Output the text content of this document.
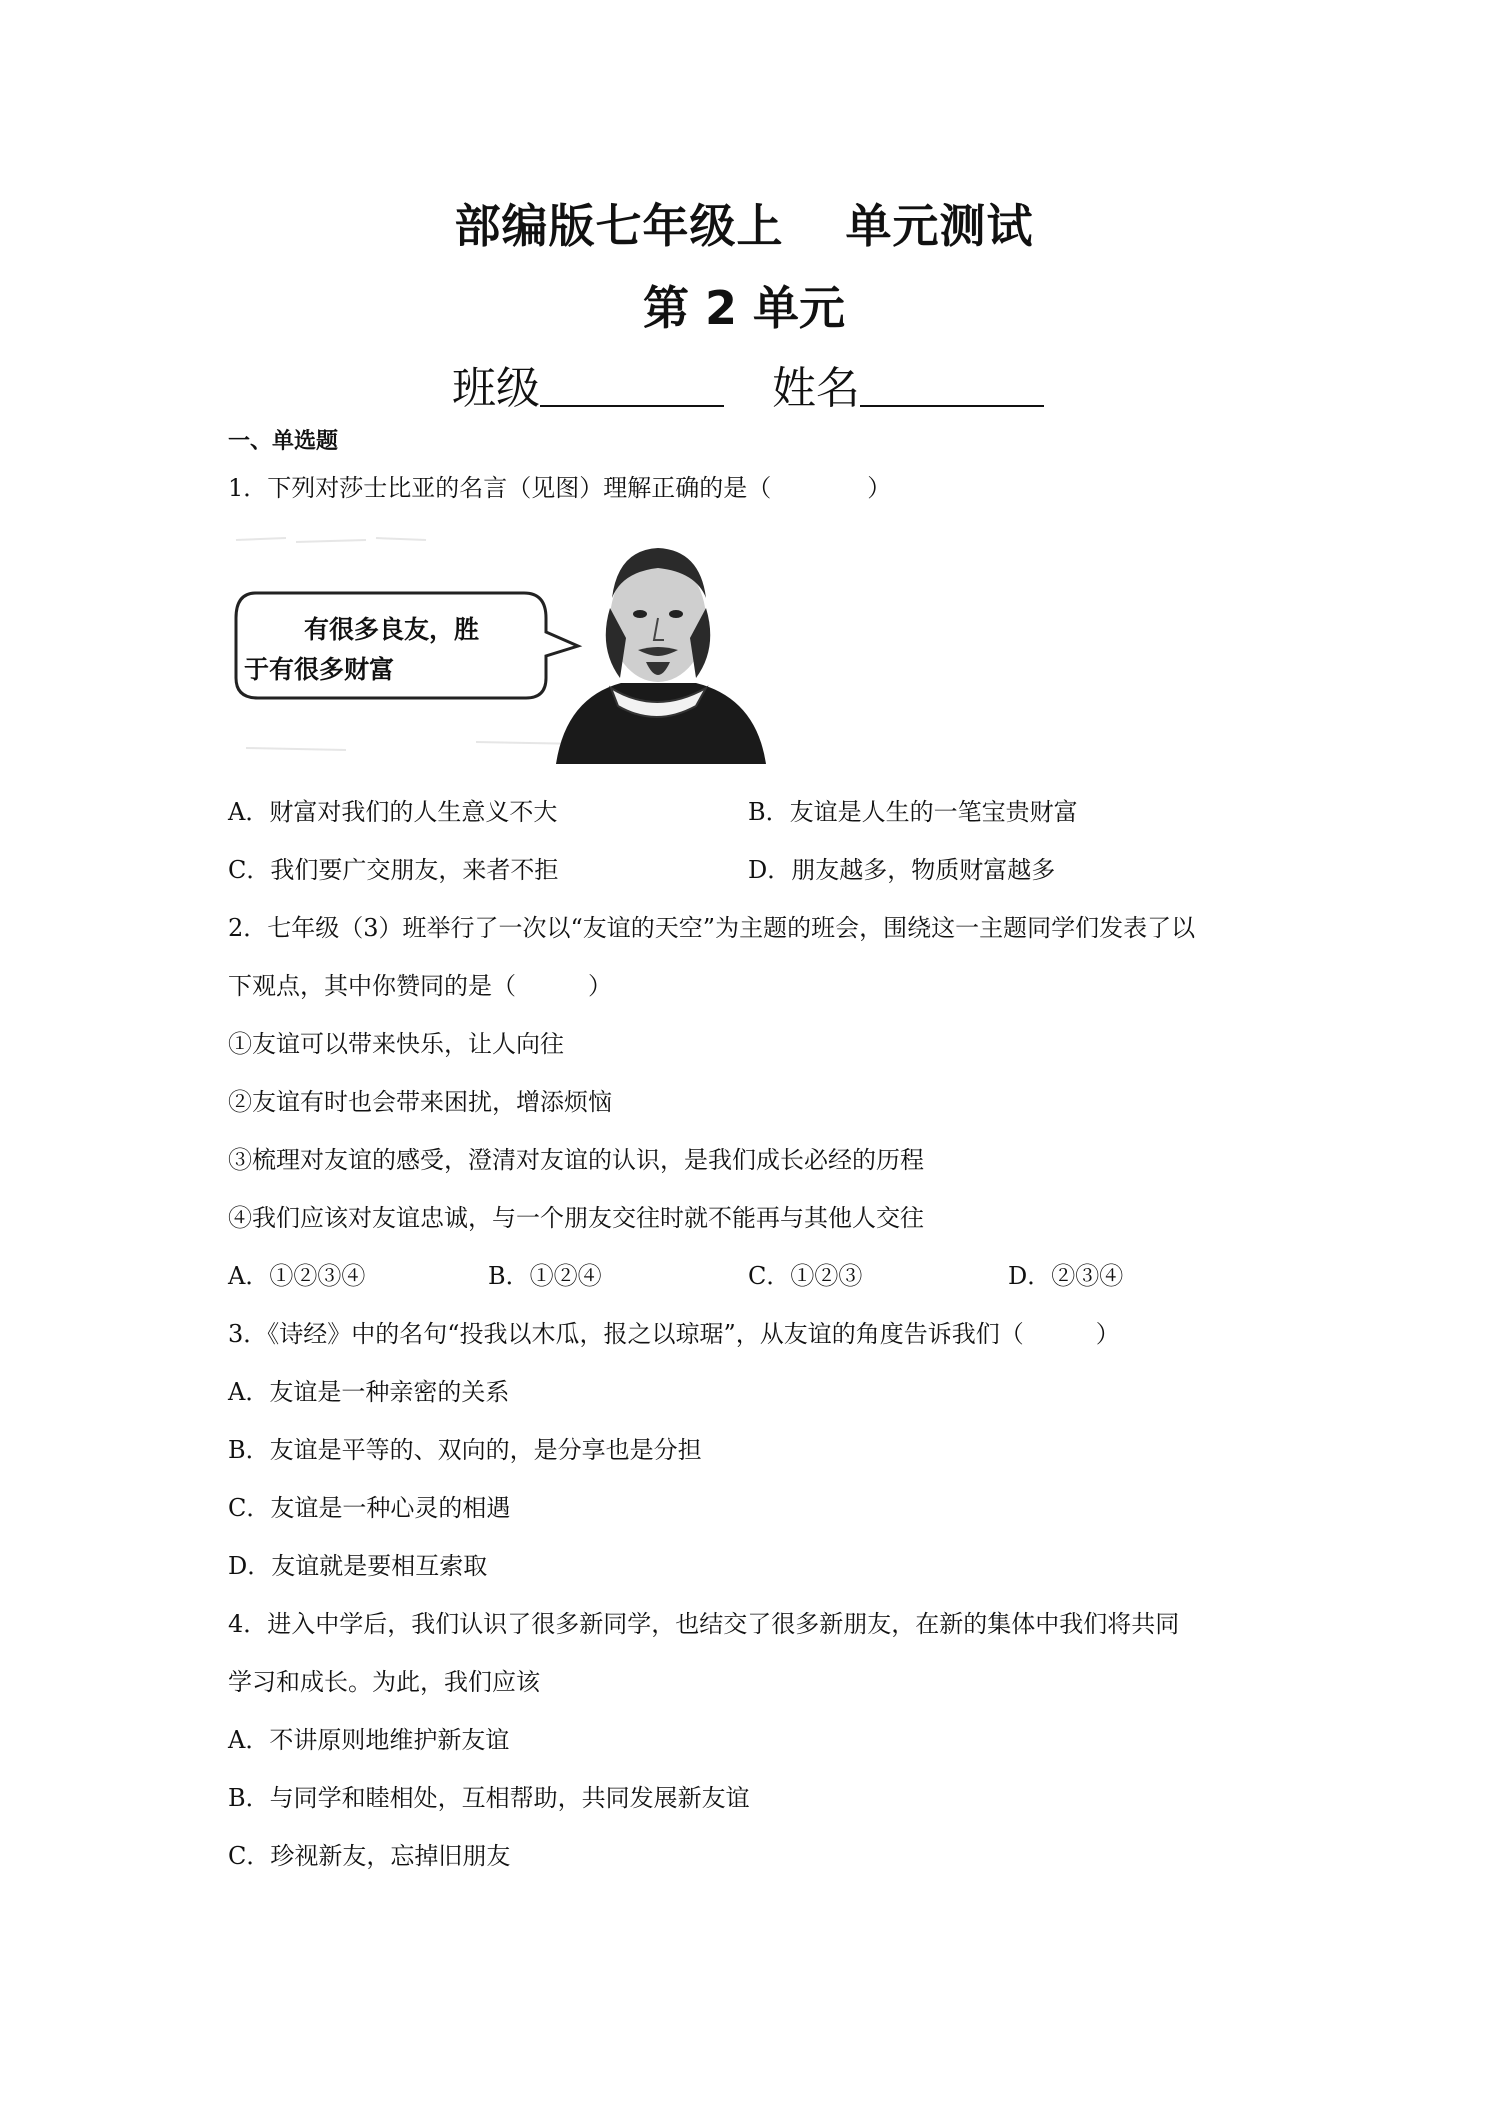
部编版七年级上 单元测试
第 2 单元
班级	姓名
一、单选题
1．下列对莎士比亚的名言（见图）理解正确的是（　　　　）
有很多良友，胜
于有很多财富
A．财富对我们的人生意义不大	B．友谊是人生的一笔宝贵财富
C．我们要广交朋友，来者不拒	D．朋友越多，物质财富越多
2．七年级（3）班举行了一次以“友谊的天空”为主题的班会，围绕这一主题同学们发表了以
下观点，其中你赞同的是（　　　）
①友谊可以带来快乐，让人向往
②友谊有时也会带来困扰，增添烦恼
③梳理对友谊的感受，澄清对友谊的认识，是我们成长必经的历程
④我们应该对友谊忠诚，与一个朋友交往时就不能再与其他人交往
A．①②③④	B．①②④	C．①②③	D．②③④
3．《诗经》中的名句“投我以木瓜，报之以琼琚”，从友谊的角度告诉我们（　　　）
A．友谊是一种亲密的关系
B．友谊是平等的、双向的，是分享也是分担
C．友谊是一种心灵的相遇
D．友谊就是要相互索取
4．进入中学后，我们认识了很多新同学，也结交了很多新朋友，在新的集体中我们将共同
学习和成长。为此，我们应该
A．不讲原则地维护新友谊
B．与同学和睦相处，互相帮助，共同发展新友谊
C．珍视新友，忘掉旧朋友
